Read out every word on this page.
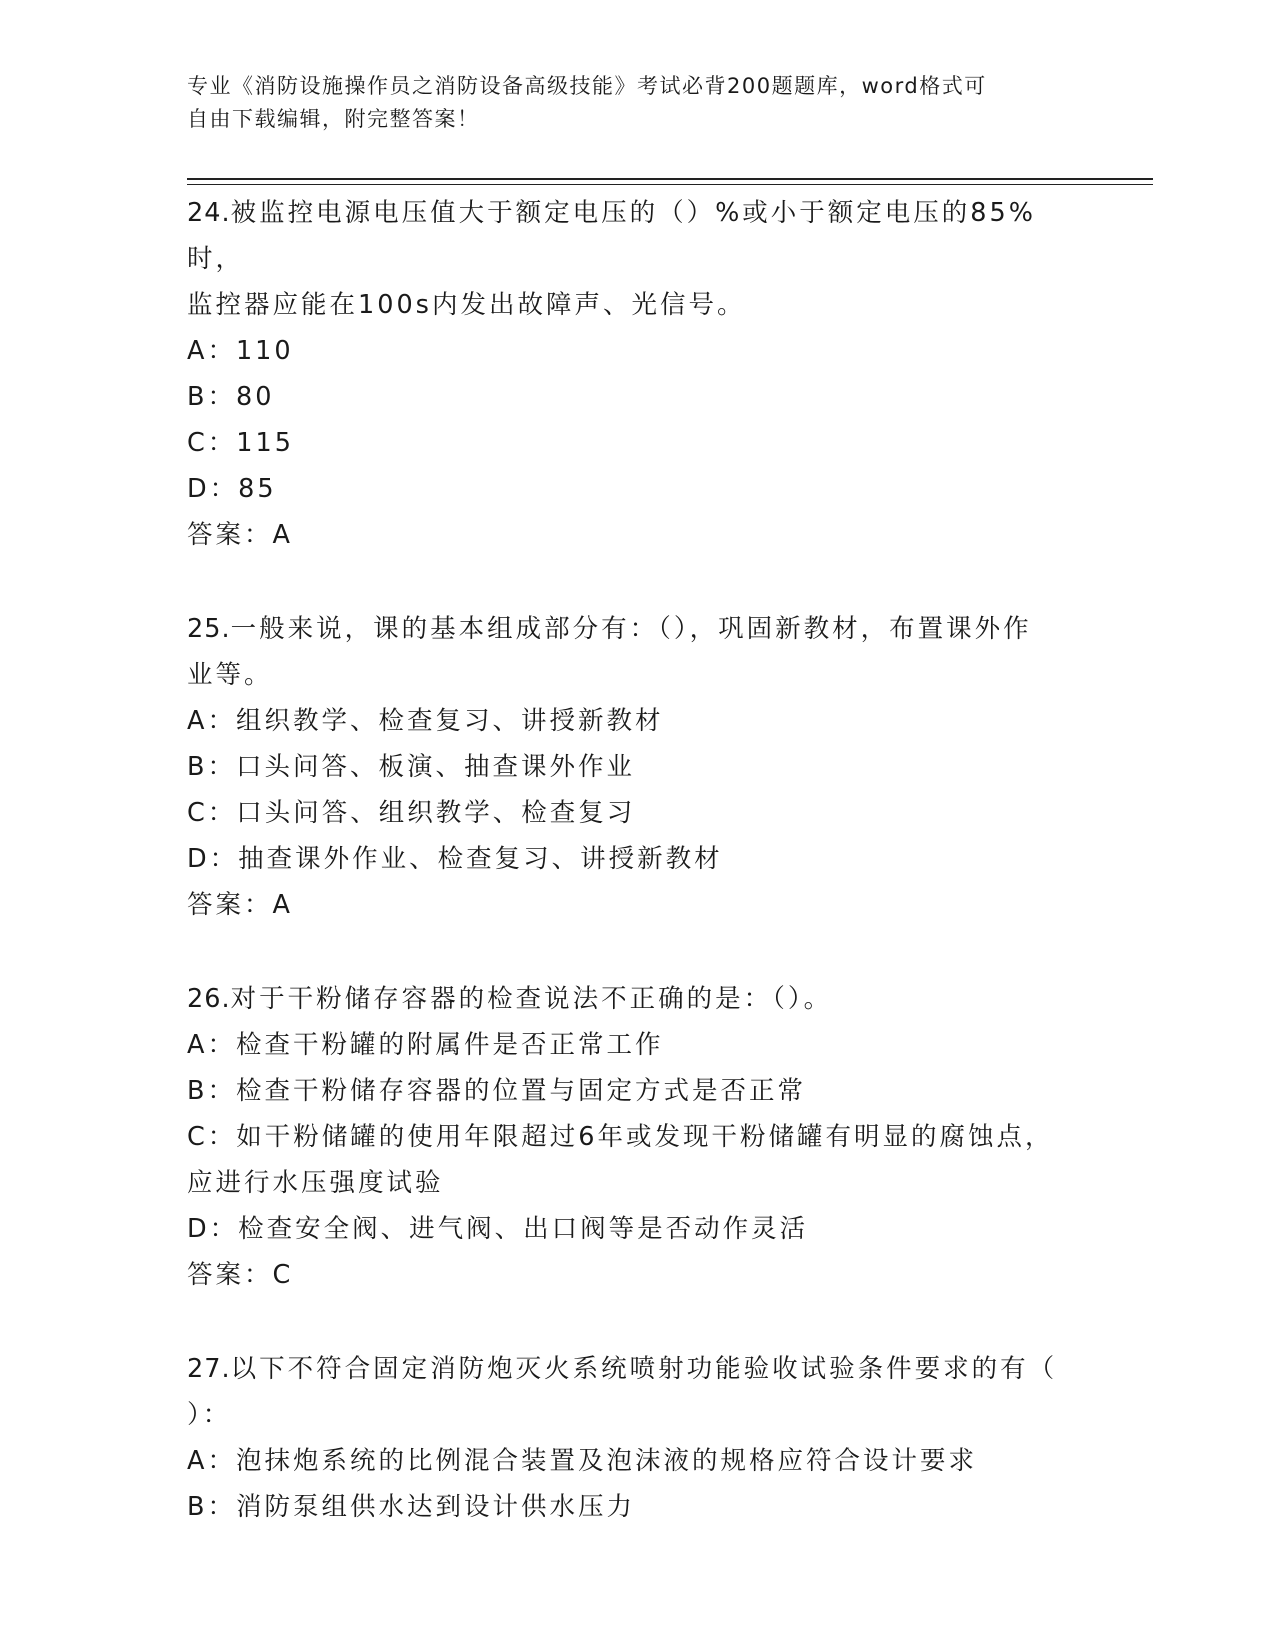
专业《消防设施操作员之消防设备高级技能》考试必背200题题库，word格式可
自由下载编辑，附完整答案！

24.被监控电源电压值大于额定电压的（）%或小于额定电压的85%时，

监控器应能在100s内发出故障声、光信号。

A：110

B：80

C：115

D：85

答案：A

25.一般来说，课的基本组成部分有：（），巩固新教材，布置课外作

业等。

A：组织教学、检查复习、讲授新教材

B：口头问答、板演、抽查课外作业

C：口头问答、组织教学、检查复习

D：抽查课外作业、检查复习、讲授新教材

答案：A

26.对于干粉储存容器的检查说法不正确的是：（）。

A：检查干粉罐的附属件是否正常工作

B：检查干粉储存容器的位置与固定方式是否正常

C：如干粉储罐的使用年限超过6年或发现干粉储罐有明显的腐蚀点，

应进行水压强度试验

D：检查安全阀、进气阀、出口阀等是否动作灵活

答案：C

27.以下不符合固定消防炮灭火系统喷射功能验收试验条件要求的有（

）：

A：泡抹炮系统的比例混合装置及泡沫液的规格应符合设计要求

B：消防泵组供水达到设计供水压力
